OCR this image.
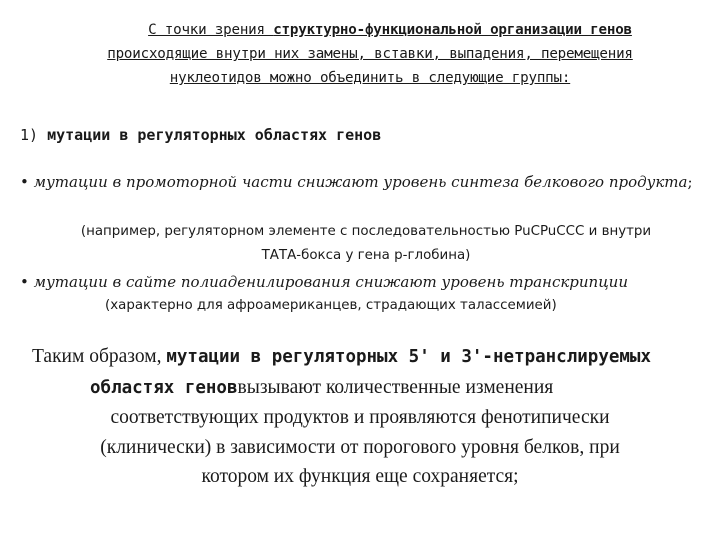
С точки зрения структурно-функциональной организации генов
происходящие внутри них замены, вставки, выпадения, перемещения
нуклеотидов можно объединить в следующие группы:
1) мутации в регуляторных областях генов
• мутации в промоторной части снижают уровень синтеза белкового продукта;
(например, регуляторном элементе с последовательностью PuCPuCCC и внутри
ТАТА-бокса у гена р-глобина)
• мутации в сайте полиаденилирования снижают уровень транскрипции
(характерно для афроамериканцев, страдающих талассемией)
Таким образом, мутации в регуляторных 5' и 3'-нетранслируемых
областях геноввызывают количественные изменения
соответствующих продуктов и проявляются фенотипически
(клинически) в зависимости от порогового уровня белков, при
котором их функция еще сохраняется;
